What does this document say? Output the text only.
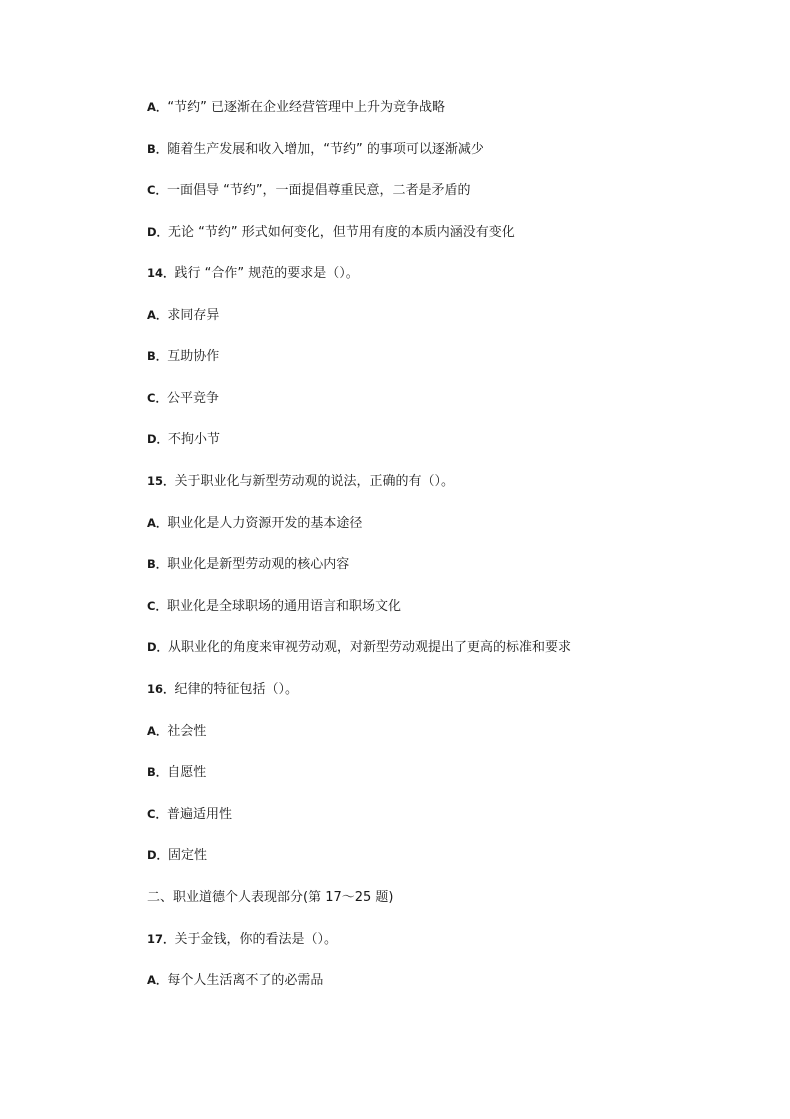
A．“节约” 已逐渐在企业经营管理中上升为竞争战略
B．随着生产发展和收入增加，“节约” 的事项可以逐渐减少
C．一面倡导 “节约”，一面提倡尊重民意，二者是矛盾的
D．无论 “节约” 形式如何变化，但节用有度的本质内涵没有变化
14．践行 “合作” 规范的要求是（）。
A．求同存异
B．互助协作
C．公平竞争
D．不拘小节
15．关于职业化与新型劳动观的说法，正确的有（）。
A．职业化是人力资源开发的基本途径
B．职业化是新型劳动观的核心内容
C．职业化是全球职场的通用语言和职场文化
D．从职业化的角度来审视劳动观，对新型劳动观提出了更高的标准和要求
16．纪律的特征包括（）。
A．社会性
B．自愿性
C．普遍适用性
D．固定性
二、职业道德个人表现部分(第 17～25 题)
17．关于金钱，你的看法是（）。
A．每个人生活离不了的必需品
